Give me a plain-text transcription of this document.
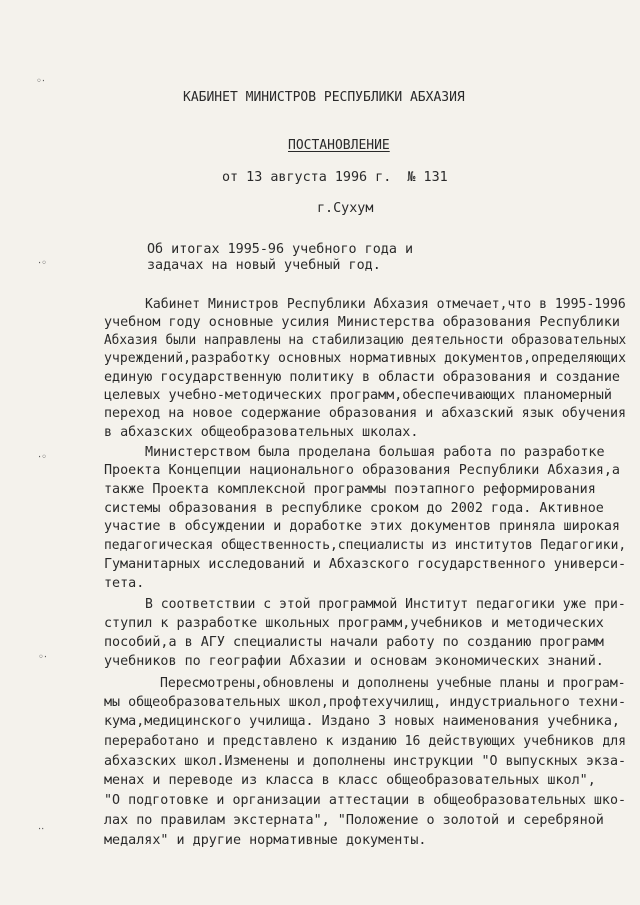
◦⋅
⋅◦
⋅◦
◦⋅
⋅⋅
КАБИНЕТ МИНИСТРОВ РЕСПУБЛИКИ АБХАЗИЯ
ПОСТАНОВЛЕНИЕ
от 13 августа 1996 г.  № 131
г.Сухум
Об итогах 1995-96 учебного года и
задачах на новый учебный год.
Кабинет Министров Республики Абхазия отмечает,что в 1995-1996
учебном году основные усилия Министерства образования Республики
Абхазия были направлены на стабилизацию деятельности образовательных
учреждений,разработку основных нормативных документов,определяющих
единую государственную политику в области образования и создание
целевых учебно-методических программ,обеспечивающих планомерный
переход на новое содержание образования и абхазский язык обучения
в абхазских общеобразовательных школах.
Министерством была проделана большая работа по разработке
Проекта Концепции национального образования Республики Абхазия,а
также Проекта комплексной программы поэтапного реформирования
системы образования в республике сроком до 2002 года. Активное
участие в обсуждении и доработке этих документов приняла широкая
педагогическая общественность,специалисты из институтов Педагогики,
Гуманитарных исследований и Абхазского государственного универси-
тета.
В соответствии с этой программой Институт педагогики уже при-
ступил к разработке школьных программ,учебников и методических
пособий,а в АГУ специалисты начали работу по созданию программ
учебников по географии Абхазии и основам экономических знаний.
Пересмотрены,обновлены и дополнены учебные планы и програм-
мы общеобразовательных школ,профтехучилищ, индустриального техни-
кума,медицинского училища. Издано 3 новых наименования учебника,
переработано и представлено к изданию 16 действующих учебников для
абхазских школ.Изменены и дополнены инструкции "О выпускных экза-
менах и переводе из класса в класс общеобразовательных школ",
"О подготовке и организации аттестации в общеобразовательных шко-
лах по правилам экстерната", "Положение о золотой и серебряной
медалях" и другие нормативные документы.
